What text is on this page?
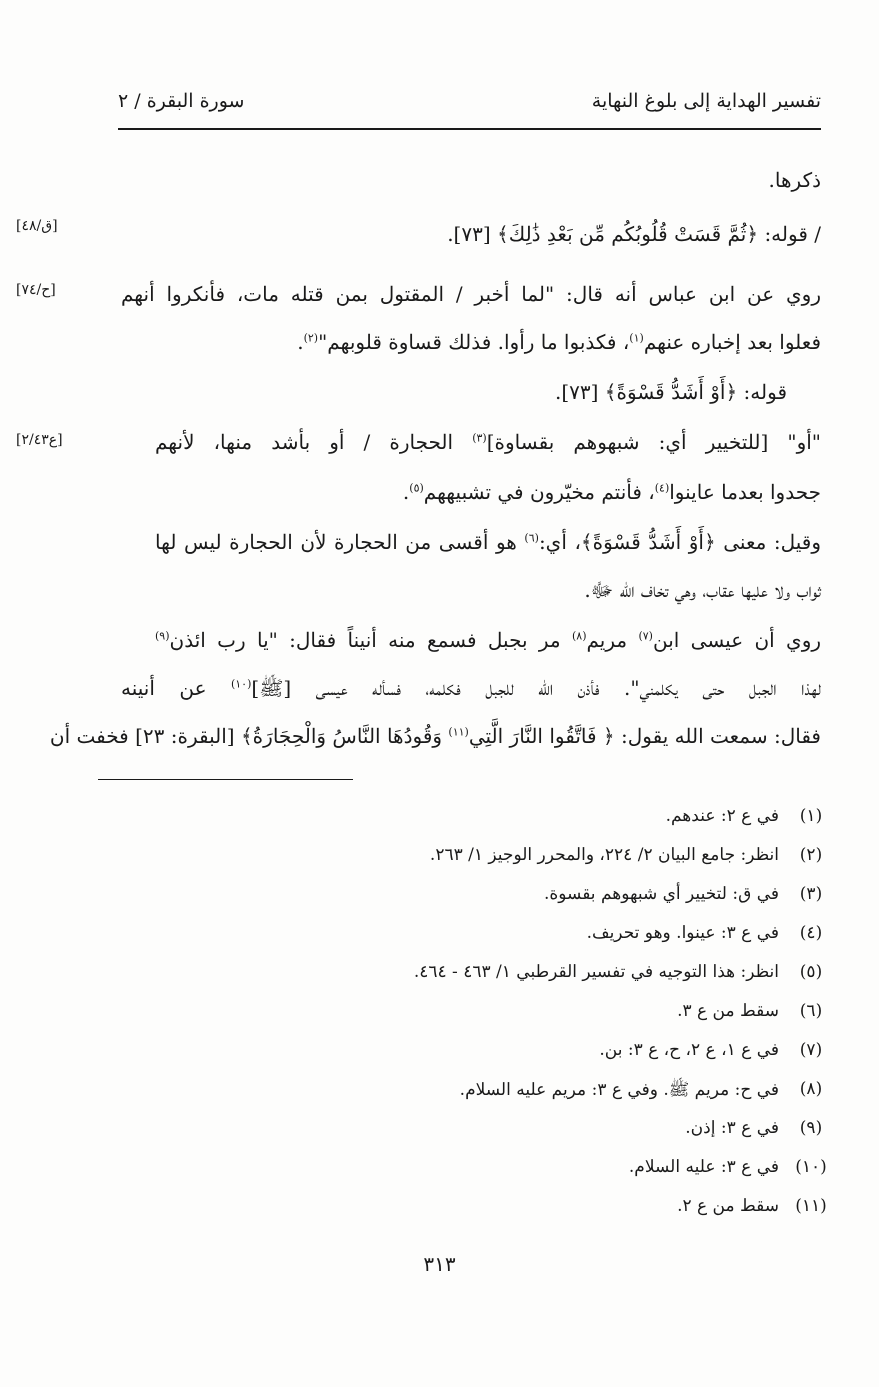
تفسير الهداية إلى بلوغ النهاية
سورة البقرة / ٢
ذكرها.
/ قوله: ﴿ثُمَّ قَسَتْ قُلُوبُكُم مِّن بَعْدِ ذَٰلِكَ﴾ [٧٣].
[ق/٤٨]
روي عن ابن عباس أنه قال: "لما أخبر / المقتول بمن قتله مات، فأنكروا أنهم
[ح/٧٤]
فعلوا بعد إخباره عنهم$^{(١)}$، فكذبوا ما رأوا. فذلك قساوة قلوبهم"$^{(٢)}$.
قوله: ﴿أَوْ أَشَدُّ قَسْوَةً﴾ [٧٣].
"أو" [للتخيير أي: شبهوهم بقساوة]$^{(٣)}$ الحجارة / أو بأشد منها، لأنهم
[ع٢/٤٣]
جحدوا بعدما عاينوا$^{(٤)}$، فأنتم مخيّرون في تشبيههم$^{(٥)}$.
وقيل: معنى ﴿أَوْ أَشَدُّ قَسْوَةً﴾، أي:$^{(٦)}$ هو أقسى من الحجارة لأن الحجارة ليس لها
ثواب ولا عليها عقاب، وهي تخاف الله ﷻ.
روي أن عيسى ابن$^{(٧)}$ مريم$^{(٨)}$ مر بجبل فسمع منه أنيناً فقال: "يا رب ائذن$^{(٩)}$
لهذا الجبل حتى يكلمني". فأذن الله للجبل فكلمه، فسأله عيسى [ﷺ]$^{(١٠)}$ عن أنينه
فقال: سمعت الله يقول: ﴿ فَاتَّقُوا النَّارَ الَّتِي$^{(١١)}$ وَقُودُهَا النَّاسُ وَالْحِجَارَةُ﴾ [البقرة: ٢٣] فخفت أن
(١)
في ع ٢: عندهم.
(٢)
انظر: جامع البيان ٢/ ٢٢٤، والمحرر الوجيز ١/ ٢٦٣.
(٣)
في ق: لتخيير أي شبهوهم بقسوة.
(٤)
في ع ٣: عينوا. وهو تحريف.
(٥)
انظر: هذا التوجيه في تفسير القرطبي ١/ ٤٦٣ - ٤٦٤.
(٦)
سقط من ع ٣.
(٧)
في ع ١، ع ٢، ح، ع ٣: بن.
(٨)
في ح: مريم ﷺ. وفي ع ٣: مريم عليه السلام.
(٩)
في ع ٣: إذن.
(١٠)
في ع ٣: عليه السلام.
(١١)
سقط من ع ٢.
٣١٣
